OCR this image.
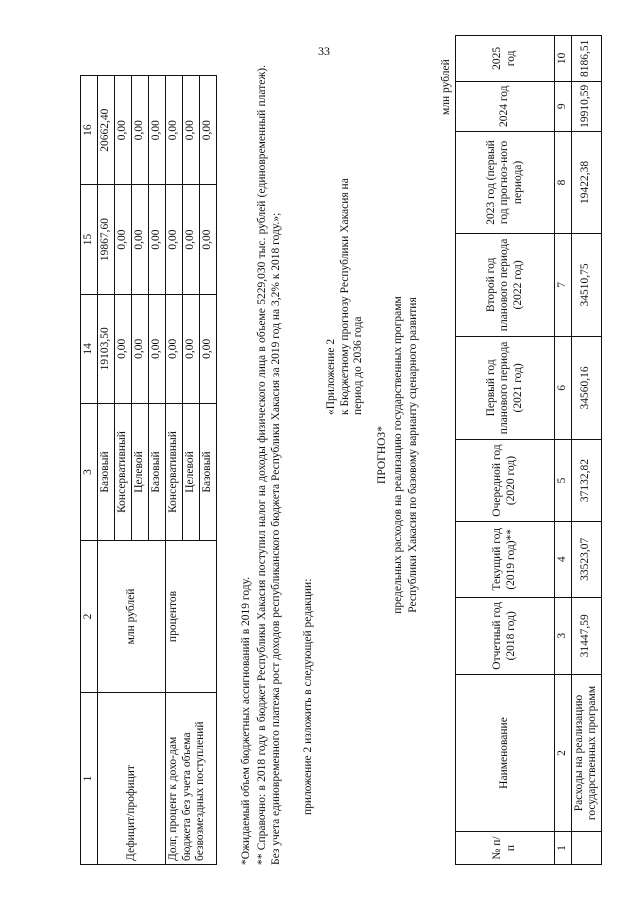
33
1	2	3	14	15	16
Дефицит/профицит	млн рублей	Базовый	19103,50	19867,60	20662,40
		Консервативный	0,00	0,00	0,00
		Целевой	0,00	0,00	0,00
		Базовый	0,00	0,00	0,00
Долг, процент к дохо-дам бюджета без учета объема безвозмездных поступлений	процентов	Консервативный	0,00	0,00	0,00
		Целевой	0,00	0,00	0,00
		Базовый	0,00	0,00	0,00
*Ожидаемый объем бюджетных ассигнований в 2019 году. ** Справочно: в 2018 году в бюджет Республики Хакасия поступил налог на доходы физического лица в объеме 5229,030 тыс. рублей (единовременный платеж). Без учета единовременного платежа рост доходов республиканского бюджета Республики Хакасия за 2019 год на 3,2% к 2018 году.»; приложение 2 изложить в следующей редакции:
«Приложение 2 к Бюджетному прогнозу Республики Хакасия на период до 2036 года
ПРОГНОЗ* предельных расходов на реализацию государственных программ Республики Хакасия по базовому варианту сценарного развития
млн рублей
№ п/п	Наименование	Отчетный год (2018 год)	Текущий год (2019 год)**	Очередной год (2020 год)	Первый год планового периода (2021 год)	Второй год планового периода (2022 год)	2023 год (первый год прогноз-ного периода)	2024 год	2025 год
1	2	3	4	5	6	7	8	9	10
	Расходы на реализацию государственных программ	31447,59	33523,07	37132,82	34560,16	34510,75	19422,38	19910,59	8186,51
